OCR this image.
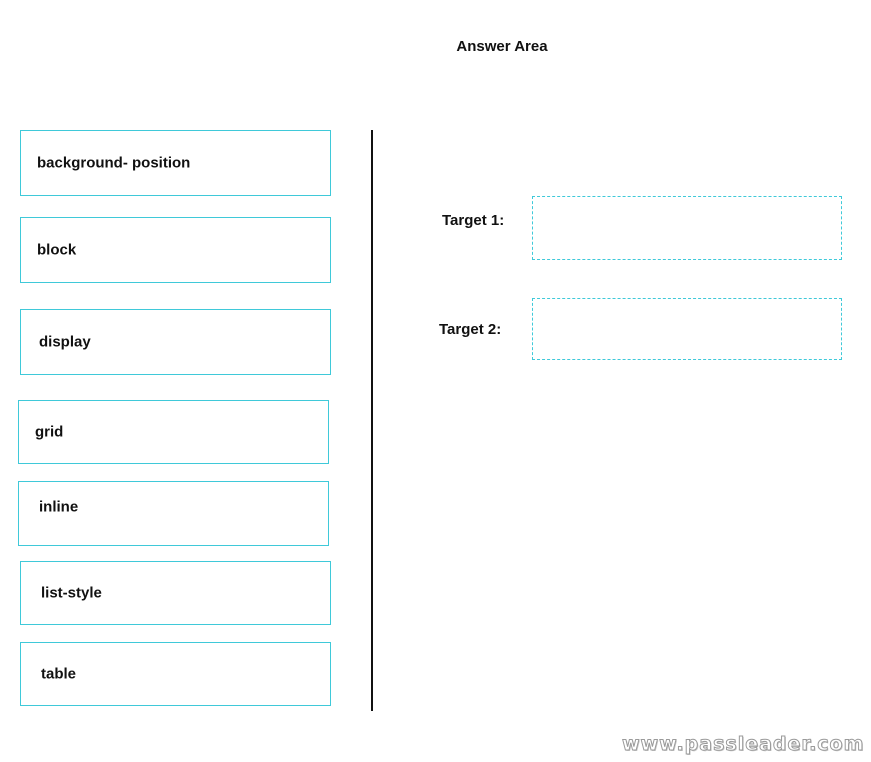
Answer Area
background- position
block
display
grid
inline
list-style
table
Target 1:
Target 2:
www.passleader.com
